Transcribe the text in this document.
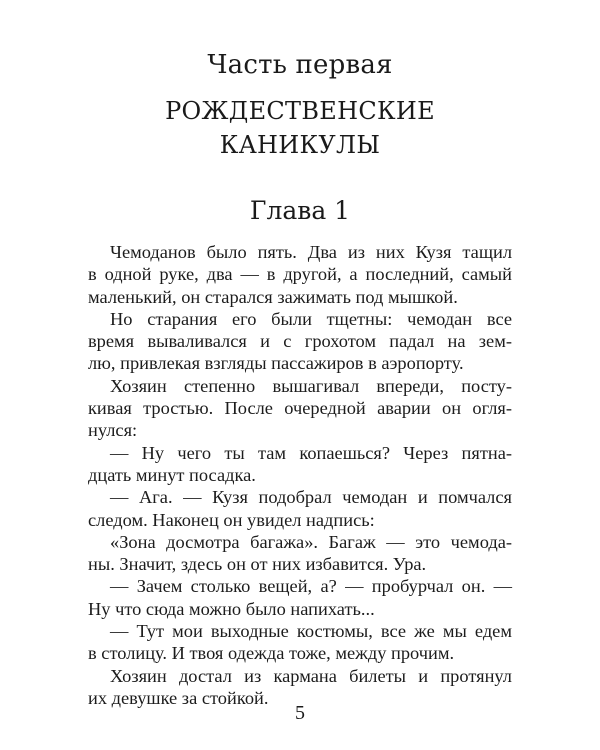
Часть первая
РОЖДЕСТВЕНСКИЕ
КАНИКУЛЫ
Глава 1
Чемоданов было пять. Два из них Кузя тащил
в одной руке, два — в другой, а последний, самый
маленький, он старался зажимать под мышкой.
Но старания его были тщетны: чемодан все
время вываливался и с грохотом падал на зем-
лю, привлекая взгляды пассажиров в аэропорту.
Хозяин степенно вышагивал впереди, посту-
кивая тростью. После очередной аварии он огля-
нулся:
— Ну чего ты там копаешься? Через пятна-
дцать минут посадка.
— Ага. — Кузя подобрал чемодан и помчался
следом. Наконец он увидел надпись:
«Зона досмотра багажа». Багаж — это чемода-
ны. Значит, здесь он от них избавится. Ура.
— Зачем столько вещей, а? — пробурчал он. —
Ну что сюда можно было напихать...
— Тут мои выходные костюмы, все же мы едем
в столицу. И твоя одежда тоже, между прочим.
Хозяин достал из кармана билеты и протянул
их девушке за стойкой.
5
